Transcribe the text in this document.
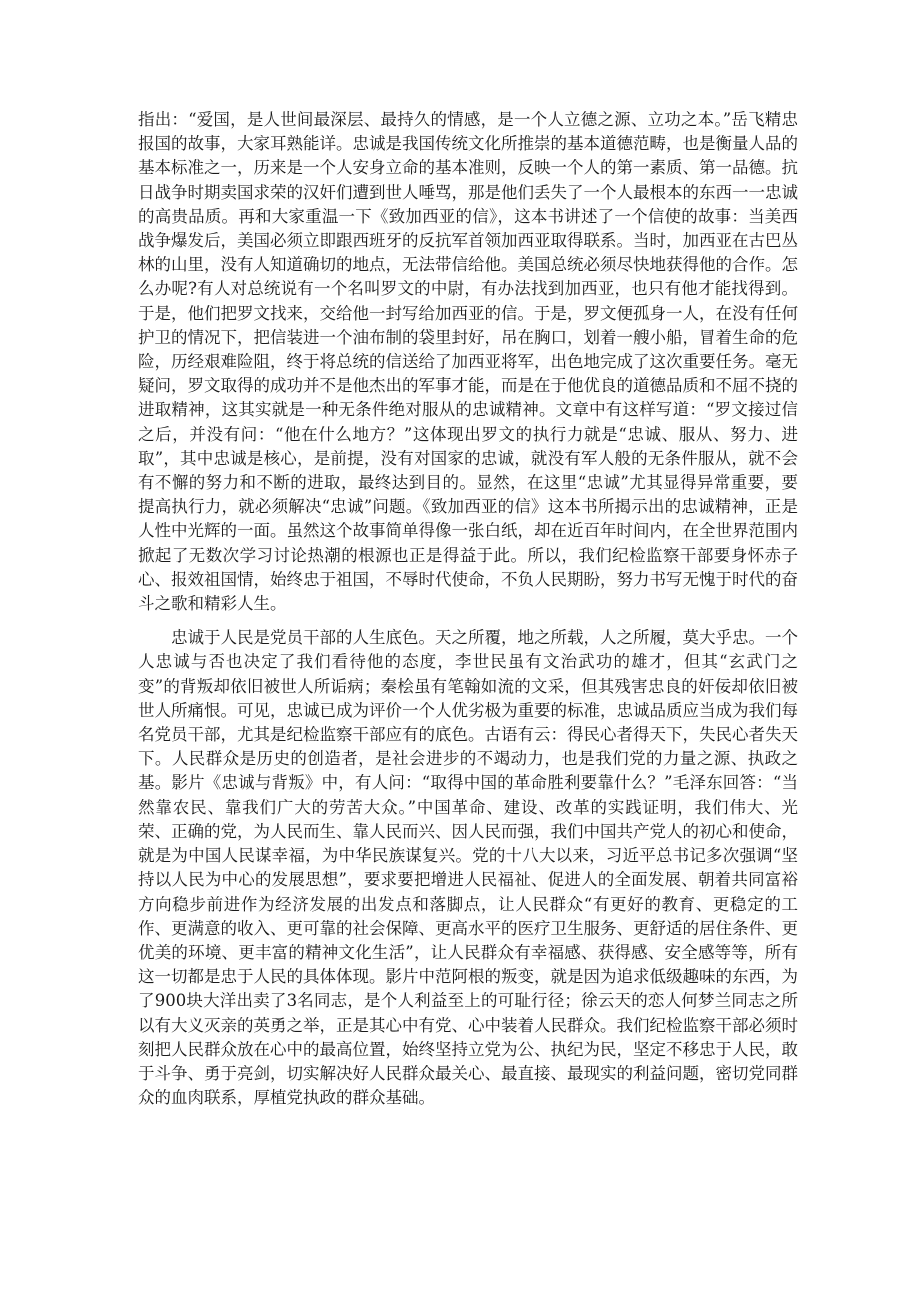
指出：“爱国，是人世间最深层、最持久的情感，是一个人立德之源、立功之本。”岳飞精忠报国的故事，大家耳熟能详。忠诚是我国传统文化所推崇的基本道德范畴，也是衡量人品的基本标准之一，历来是一个人安身立命的基本准则，反映一个人的第一素质、第一品德。抗日战争时期卖国求荣的汉奸们遭到世人唾骂，那是他们丢失了一个人最根本的东西一一忠诚的高贵品质。再和大家重温一下《致加西亚的信》，这本书讲述了一个信使的故事：当美西战争爆发后，美国必须立即跟西班牙的反抗军首领加西亚取得联系。当时，加西亚在古巴丛林的山里，没有人知道确切的地点，无法带信给他。美国总统必须尽快地获得他的合作。怎么办呢?有人对总统说有一个名叫罗文的中尉，有办法找到加西亚，也只有他才能找得到。于是，他们把罗文找来，交给他一封写给加西亚的信。于是，罗文便孤身一人，在没有任何护卫的情况下，把信装进一个油布制的袋里封好，吊在胸口，划着一艘小船，冒着生命的危险，历经艰难险阻，终于将总统的信送给了加西亚将军，出色地完成了这次重要任务。毫无疑问，罗文取得的成功并不是他杰出的军事才能，而是在于他优良的道德品质和不屈不挠的进取精神，这其实就是一种无条件绝对服从的忠诚精神。文章中有这样写道：“罗文接过信之后，并没有问：“他在什么地方？”这体现出罗文的执行力就是“忠诚、服从、努力、进取”，其中忠诚是核心，是前提，没有对国家的忠诚，就没有军人般的无条件服从，就不会有不懈的努力和不断的进取，最终达到目的。显然，在这里“忠诚”尤其显得异常重要，要提高执行力，就必须解决“忠诚”问题。《致加西亚的信》这本书所揭示出的忠诚精神，正是人性中光辉的一面。虽然这个故事简单得像一张白纸，却在近百年时间内，在全世界范围内掀起了无数次学习讨论热潮的根源也正是得益于此。所以，我们纪检监察干部要身怀赤子心、报效祖国情，始终忠于祖国，不辱时代使命，不负人民期盼，努力书写无愧于时代的奋斗之歌和精彩人生。

忠诚于人民是党员干部的人生底色。天之所覆，地之所载，人之所履，莫大乎忠。一个人忠诚与否也决定了我们看待他的态度，李世民虽有文治武功的雄才，但其“玄武门之变”的背叛却依旧被世人所诟病；秦桧虽有笔翰如流的文采，但其残害忠良的奸佞却依旧被世人所痛恨。可见，忠诚已成为评价一个人优劣极为重要的标准，忠诚品质应当成为我们每名党员干部，尤其是纪检监察干部应有的底色。古语有云：得民心者得天下，失民心者失天下。人民群众是历史的创造者，是社会进步的不竭动力，也是我们党的力量之源、执政之基。影片《忠诚与背叛》中，有人问：“取得中国的革命胜利要靠什么？”毛泽东回答：“当然靠农民、靠我们广大的劳苦大众。”中国革命、建设、改革的实践证明，我们伟大、光荣、正确的党，为人民而生、靠人民而兴、因人民而强，我们中国共产党人的初心和使命，就是为中国人民谋幸福，为中华民族谋复兴。党的十八大以来，习近平总书记多次强调“坚持以人民为中心的发展思想”，要求要把增进人民福祉、促进人的全面发展、朝着共同富裕方向稳步前进作为经济发展的出发点和落脚点，让人民群众“有更好的教育、更稳定的工作、更满意的收入、更可靠的社会保障、更高水平的医疗卫生服务、更舒适的居住条件、更优美的环境、更丰富的精神文化生活”，让人民群众有幸福感、获得感、安全感等等，所有这一切都是忠于人民的具体体现。影片中范阿根的叛变，就是因为追求低级趣味的东西，为了900块大洋出卖了3名同志，是个人利益至上的可耻行径；徐云天的恋人何梦兰同志之所以有大义灭亲的英勇之举，正是其心中有党、心中装着人民群众。我们纪检监察干部必须时刻把人民群众放在心中的最高位置，始终坚持立党为公、执纪为民，坚定不移忠于人民，敢于斗争、勇于亮剑，切实解决好人民群众最关心、最直接、最现实的利益问题，密切党同群众的血肉联系，厚植党执政的群众基础。
